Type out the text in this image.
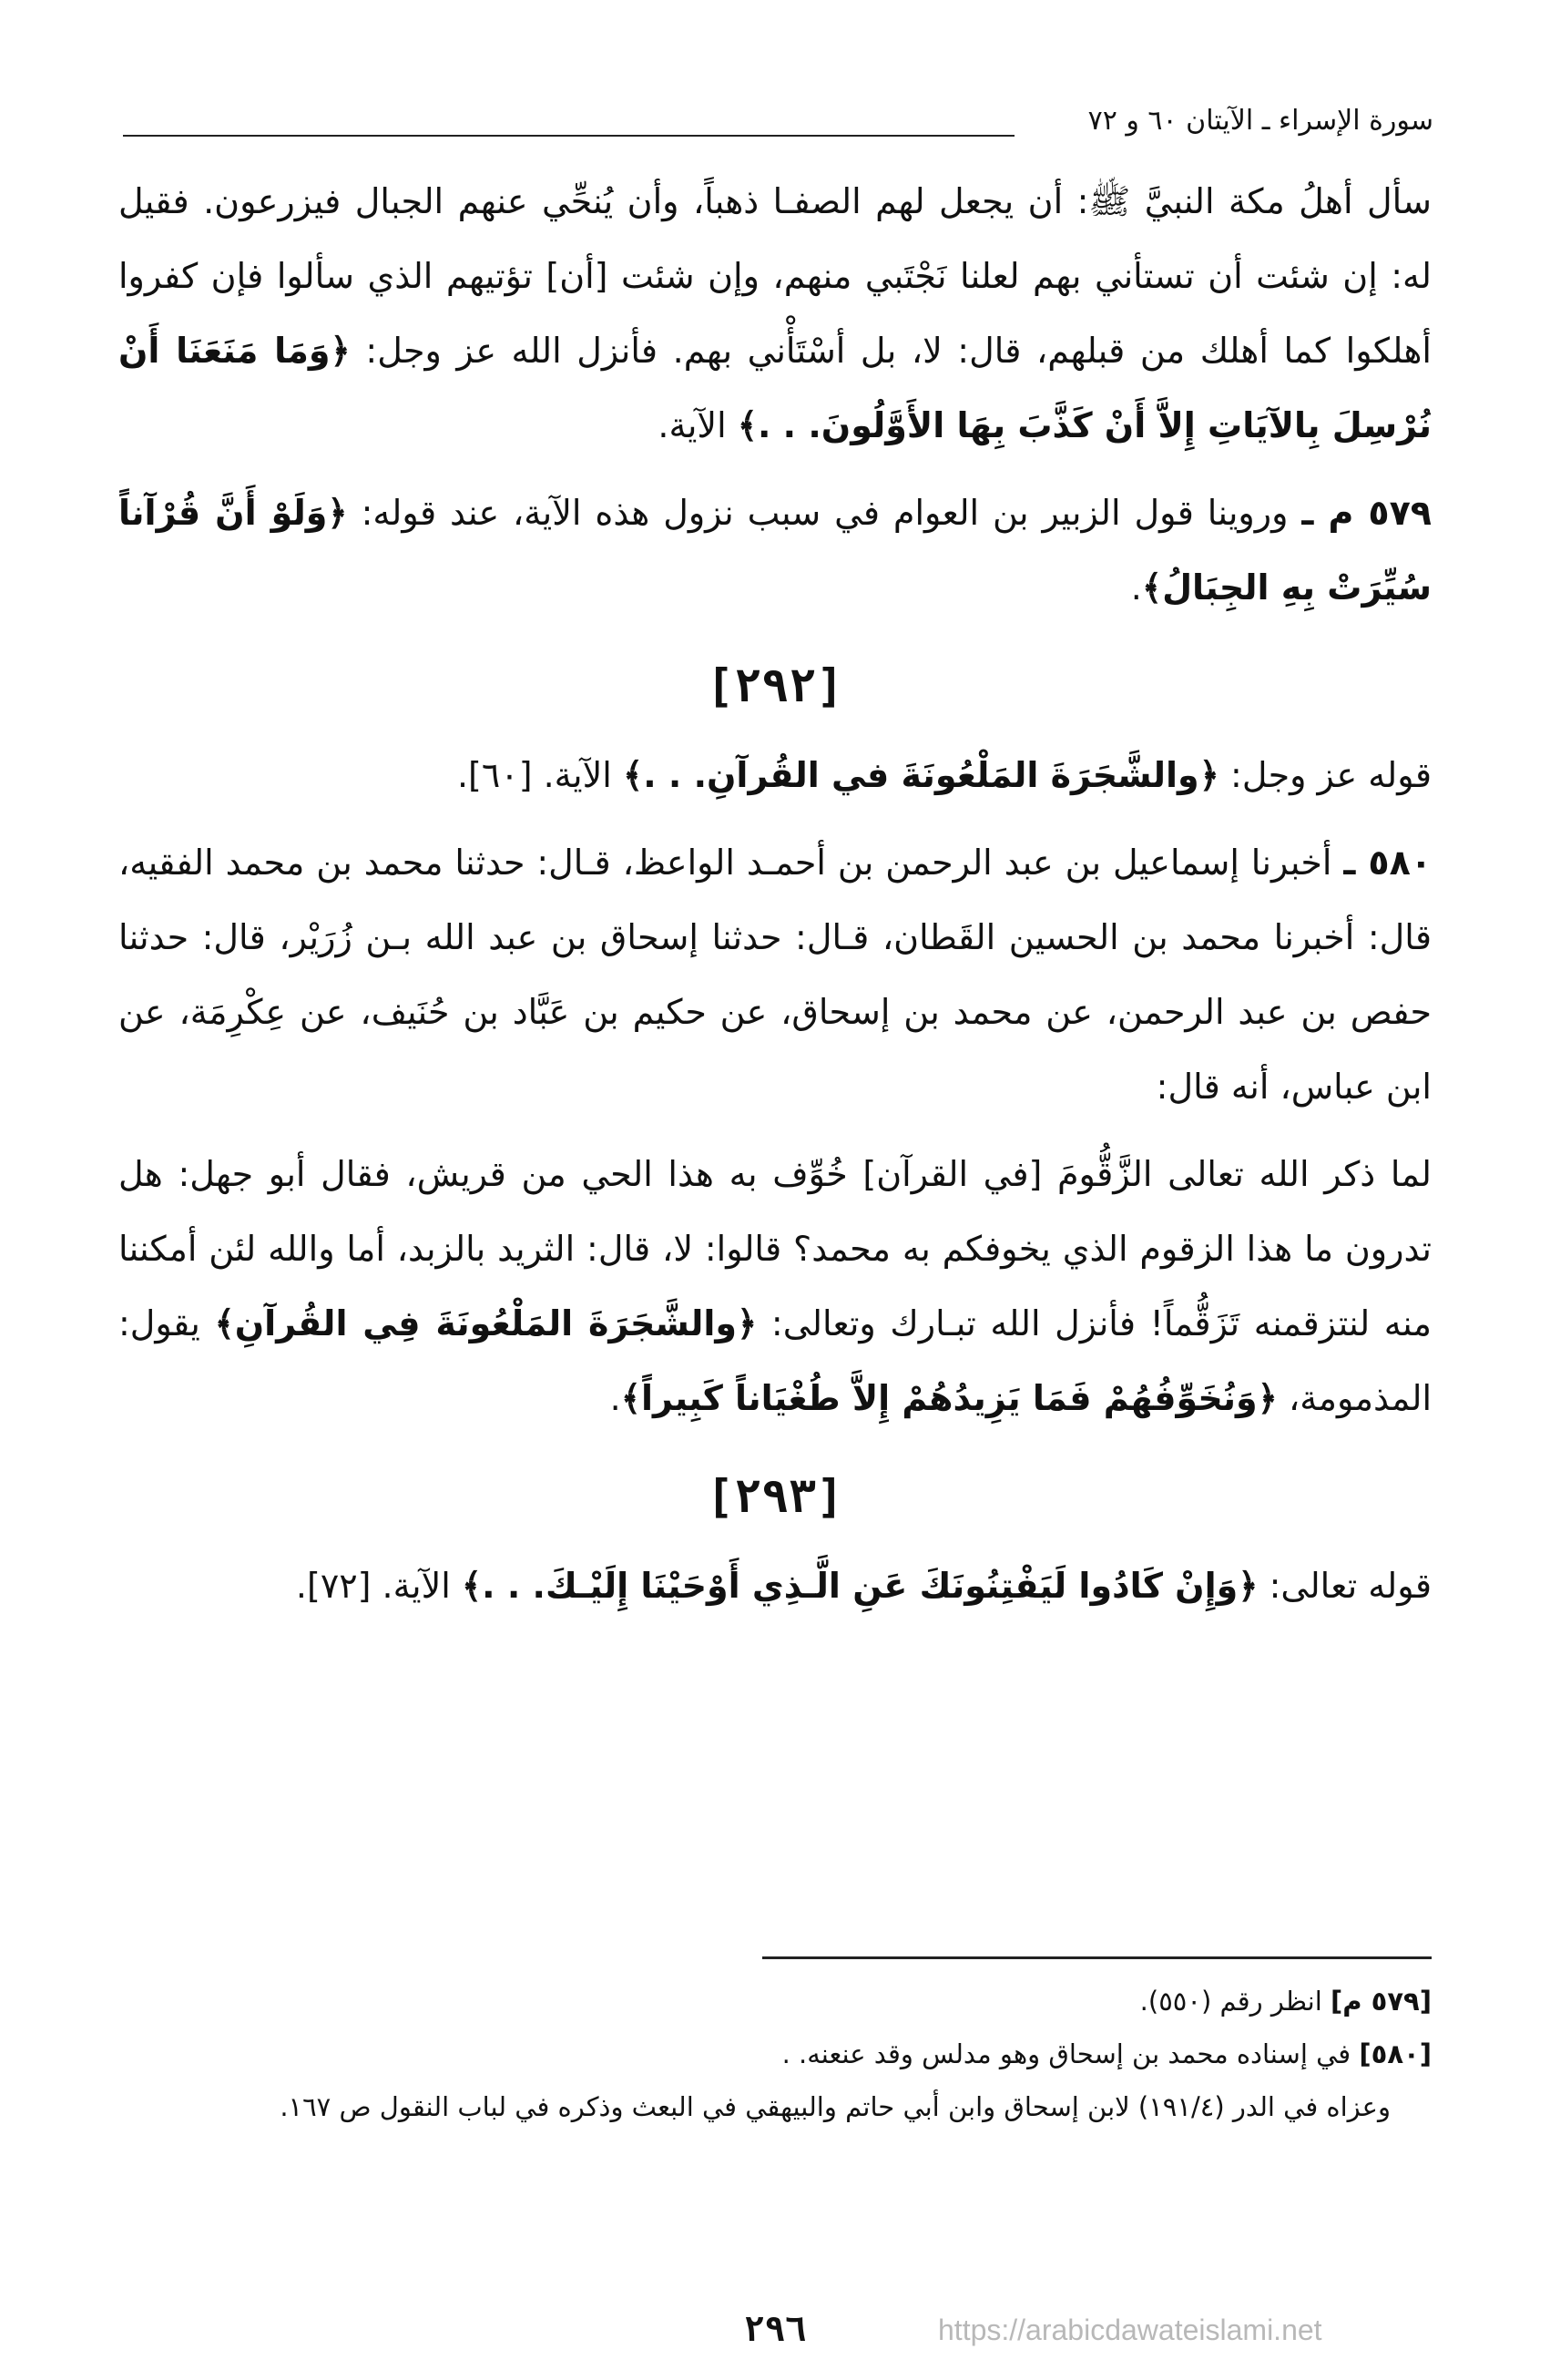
سورة الإسراء ـ الآيتان ٦٠ و ٧٢

سأل أهلُ مكة النبيَّ ﷺ: أن يجعل لهم الصفـا ذهباً، وأن يُنحِّي عنهم الجبال فيزرعون. فقيل له: إن شئت أن تستأني بهم لعلنا نَجْتَبي منهم، وإن شئت [أن] تؤتيهم الذي سألوا فإن كفروا أهلكوا كما أهلك من قبلهم، قال: لا، بل أسْتَأْني بهم. فأنزل الله عز وجل: ﴿وَمَا مَنَعَنَا أَنْ نُرْسِلَ بِالآيَاتِ إِلاَّ أَنْ كَذَّبَ بِهَا الأَوَّلُونَ. . .﴾ الآية.

٥٧٩ م ـ وروينا قول الزبير بن العوام في سبب نزول هذه الآية، عند قوله: ﴿وَلَوْ أَنَّ قُرْآناً سُيِّرَتْ بِهِ الجِبَالُ﴾.

[٢٩٢]

قوله عز وجل: ﴿والشَّجَرَةَ المَلْعُونَةَ في القُرآنِ. . .﴾ الآية. [٦٠].

٥٨٠ ـ أخبرنا إسماعيل بن عبد الرحمن بن أحمـد الواعظ، قـال: حدثنا محمد بن محمد الفقيه، قال: أخبرنا محمد بن الحسين القَطان، قـال: حدثنا إسحاق بن عبد الله بـن زُرَيْر، قال: حدثنا حفص بن عبد الرحمن، عن محمد بن إسحاق، عن حكيم بن عَبَّاد بن حُنَيف، عن عِكْرِمَة، عن ابن عباس، أنه قال:

لما ذكر الله تعالى الزَّقُّومَ [في القرآن] خُوِّف به هذا الحي من قريش، فقال أبو جهل: هل تدرون ما هذا الزقوم الذي يخوفكم به محمد؟ قالوا: لا، قال: الثريد بالزبد، أما والله لئن أمكننا منه لنتزقمنه تَزَقُّماً! فأنزل الله تبـارك وتعالى: ﴿والشَّجَرَةَ المَلْعُونَةَ فِي القُرآنِ﴾ يقول: المذمومة، ﴿وَنُخَوِّفُهُمْ فَمَا يَزِيدُهُمْ إِلاَّ طُغْيَاناً كَبِيراً﴾.

[٢٩٣]

قوله تعالى: ﴿وَإِنْ كَادُوا لَيَفْتِنُونَكَ عَنِ الَّـذِي أَوْحَيْنَا إِلَيْـكَ. . .﴾ الآية. [٧٢].

[٥٧٩ م] انظر رقم (٥٥٠).

[٥٨٠] في إسناده محمد بن إسحاق وهو مدلس وقد عنعنه. .

وعزاه في الدر (١٩١/٤) لابن إسحاق وابن أبي حاتم والبيهقي في البعث وذكره في لباب النقول ص ١٦٧.

٢٩٦	https://arabicdawateislami.net
